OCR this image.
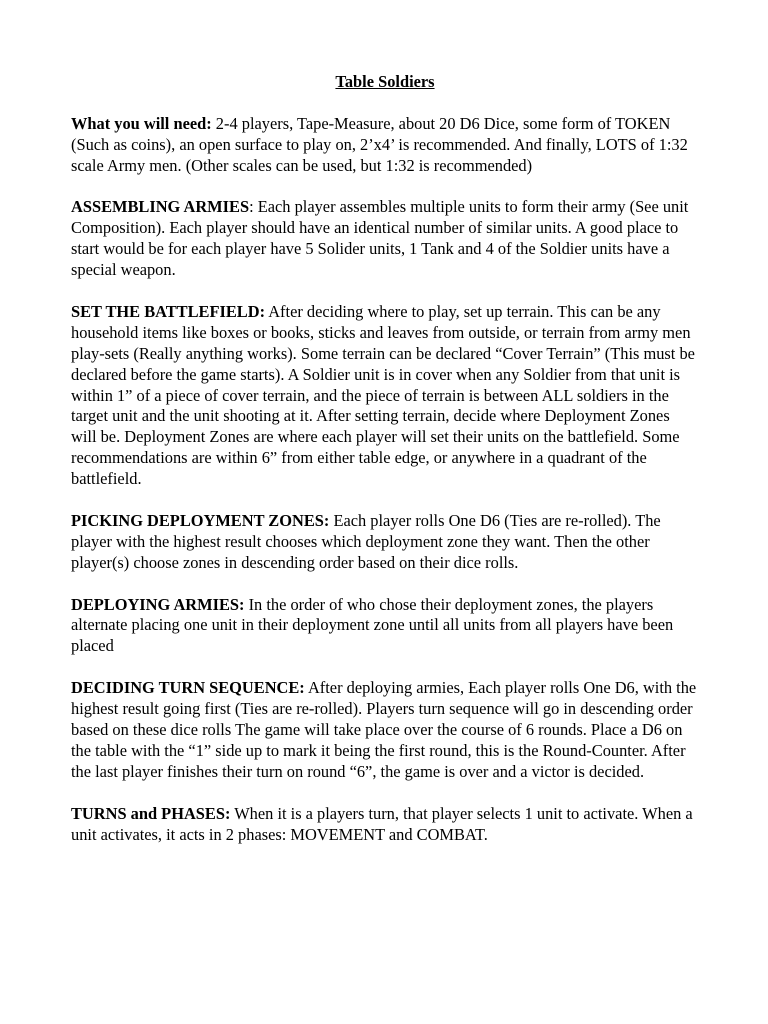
Table Soldiers

What you will need: 2-4 players, Tape-Measure, about 20 D6 Dice, some form of TOKEN (Such as coins), an open surface to play on, 2’x4’ is recommended. And finally, LOTS of 1:32 scale Army men. (Other scales can be used, but 1:32 is recommended)

ASSEMBLING ARMIES: Each player assembles multiple units to form their army (See unit Composition). Each player should have an identical number of similar units. A good place to start would be for each player have 5 Solider units, 1 Tank and 4 of the Soldier units have a special weapon.

SET THE BATTLEFIELD: After deciding where to play, set up terrain. This can be any household items like boxes or books, sticks and leaves from outside, or terrain from army men play-sets (Really anything works). Some terrain can be declared “Cover Terrain” (This must be declared before the game starts). A Soldier unit is in cover when any Soldier from that unit is within 1” of a piece of cover terrain, and the piece of terrain is between ALL soldiers in the target unit and the unit shooting at it. After setting terrain, decide where Deployment Zones will be. Deployment Zones are where each player will set their units on the battlefield. Some recommendations are within 6” from either table edge, or anywhere in a quadrant of the battlefield.

PICKING DEPLOYMENT ZONES: Each player rolls One D6 (Ties are re-rolled). The player with the highest result chooses which deployment zone they want. Then the other player(s) choose zones in descending order based on their dice rolls.

DEPLOYING ARMIES: In the order of who chose their deployment zones, the players alternate placing one unit in their deployment zone until all units from all players have been placed

DECIDING TURN SEQUENCE: After deploying armies, Each player rolls One D6, with the highest result going first (Ties are re-rolled). Players turn sequence will go in descending order based on these dice rolls The game will take place over the course of 6 rounds. Place a D6 on the table with the “1” side up to mark it being the first round, this is the Round-Counter. After the last player finishes their turn on round “6”, the game is over and a victor is decided.

TURNS and PHASES: When it is a players turn, that player selects 1 unit to activate. When a unit activates, it acts in 2 phases: MOVEMENT and COMBAT.
